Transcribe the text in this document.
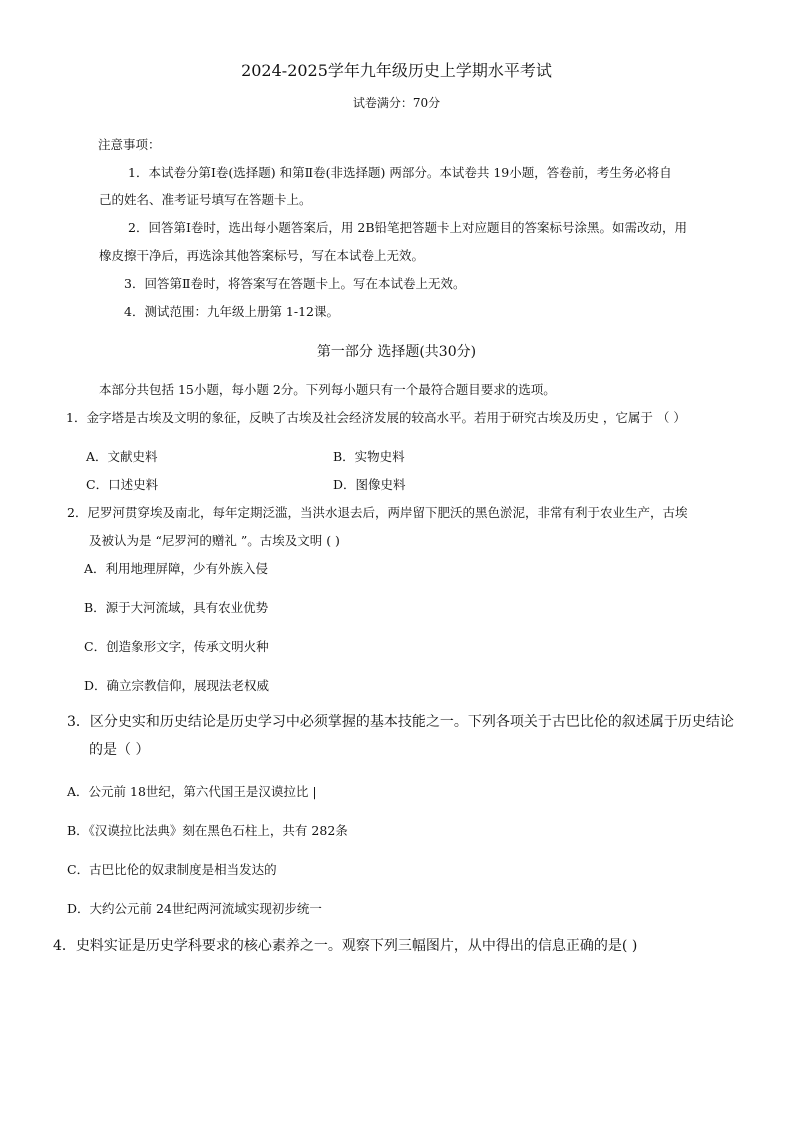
2024-2025学年九年级历史上学期水平考试
试卷满分：70分
注意事项：
1．本试卷分第Ⅰ卷(选择题) 和第Ⅱ卷(非选择题) 两部分。本试卷共 19小题，答卷前，考生务必将自
己的姓名、准考证号填写在答题卡上。
2．回答第Ⅰ卷时，选出每小题答案后，用 2B铅笔把答题卡上对应题目的答案标号涂黑。如需改动，用
橡皮擦干净后，再选涂其他答案标号，写在本试卷上无效。
3．回答第Ⅱ卷时，将答案写在答题卡上。写在本试卷上无效。
4．测试范围：九年级上册第 1-12课。
第一部分 选择题(共30分)
本部分共包括 15小题，每小题 2分。下列每小题只有一个最符合题目要求的选项。
1．金字塔是古埃及文明的象征，反映了古埃及社会经济发展的较高水平。若用于研究古埃及历史 ，它属于 （ ）
A．文献史料	B．实物史料
C．口述史料	D．图像史料
2．尼罗河贯穿埃及南北，每年定期泛滥，当洪水退去后，两岸留下肥沃的黑色淤泥，非常有利于农业生产，古埃
及被认为是 “尼罗河的赠礼 ”。古埃及文明 ( )
A．利用地理屏障，少有外族入侵
B．源于大河流域，具有农业优势
C．创造象形文字，传承文明火种
D．确立宗教信仰，展现法老权威
3．区分史实和历史结论是历史学习中必须掌握的基本技能之一。下列各项关于古巴比伦的叙述属于历史结论
的是（ ）
A．公元前 18世纪，第六代国王是汉谟拉比 |
B．《汉谟拉比法典》刻在黑色石柱上，共有 282条
C．古巴比伦的奴隶制度是相当发达的
D．大约公元前 24世纪两河流域实现初步统一
4．史料实证是历史学科要求的核心素养之一。观察下列三幅图片，从中得出的信息正确的是( )
